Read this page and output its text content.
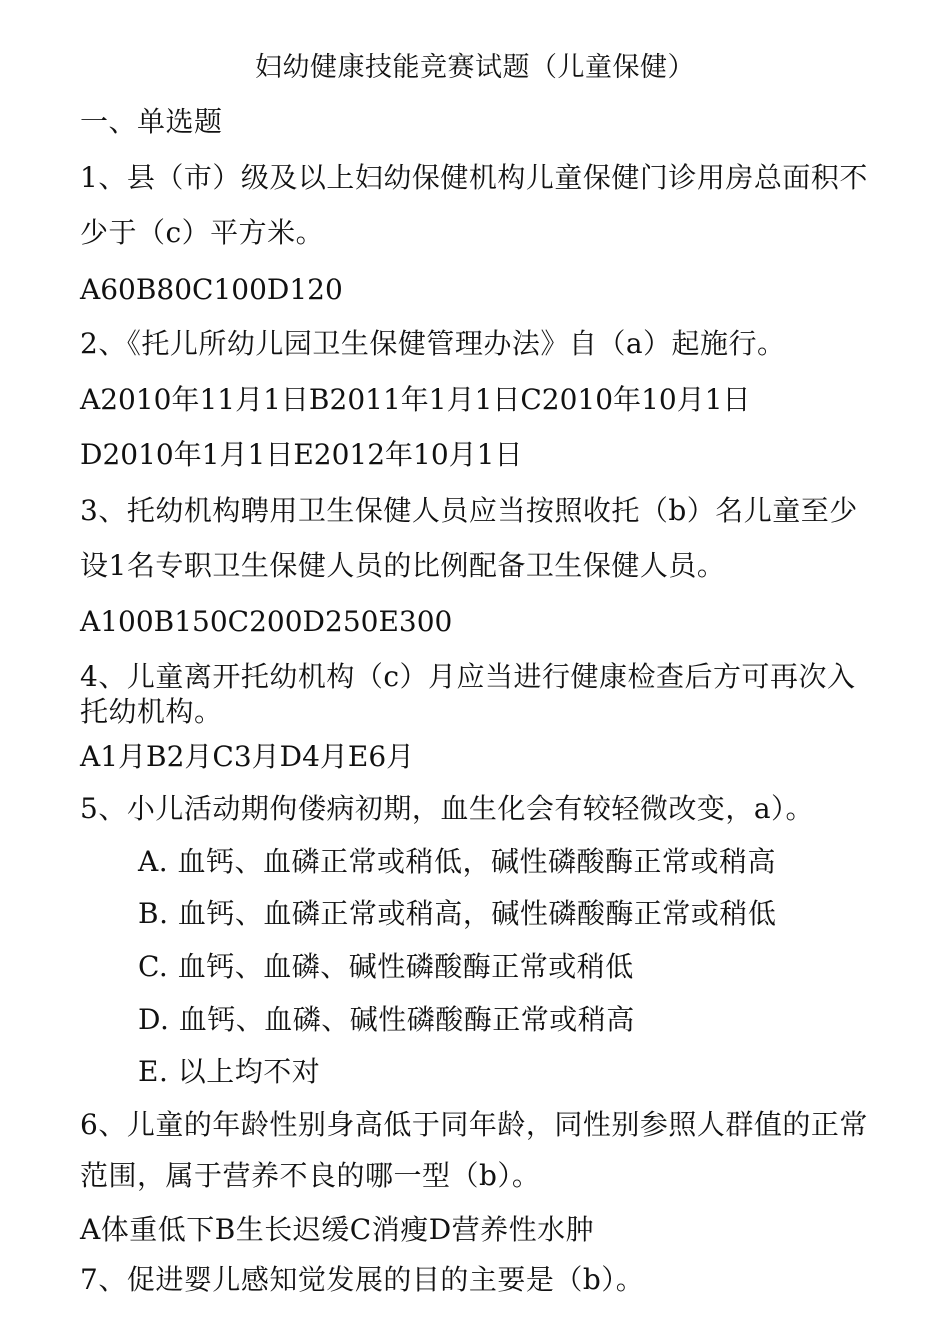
妇幼健康技能竞赛试题（儿童保健）
一、单选题
1、县（市）级及以上妇幼保健机构儿童保健门诊用房总面积不
少于（c）平方米。
A60B80C100D120
2、《托儿所幼儿园卫生保健管理办法》自（a）起施行。
A2010年11月1日B2011年1月1日C2010年10月1日
D2010年1月1日E2012年10月1日
3、托幼机构聘用卫生保健人员应当按照收托（b）名儿童至少
设1名专职卫生保健人员的比例配备卫生保健人员。
A100B150C200D250E300
4、儿童离开托幼机构（c）月应当进行健康检查后方可再次入
托幼机构。
A1月B2月C3月D4月E6月
5、小儿活动期佝偻病初期，血生化会有较轻微改变，a）。
A. 血钙、血磷正常或稍低，碱性磷酸酶正常或稍高
B. 血钙、血磷正常或稍高，碱性磷酸酶正常或稍低
C. 血钙、血磷、碱性磷酸酶正常或稍低
D. 血钙、血磷、碱性磷酸酶正常或稍高
E. 以上均不对
6、儿童的年龄性别身高低于同年龄，同性别参照人群值的正常
范围，属于营养不良的哪一型（b）。
A体重低下B生长迟缓C消瘦D营养性水肿
7、促进婴儿感知觉发展的目的主要是（b）。
